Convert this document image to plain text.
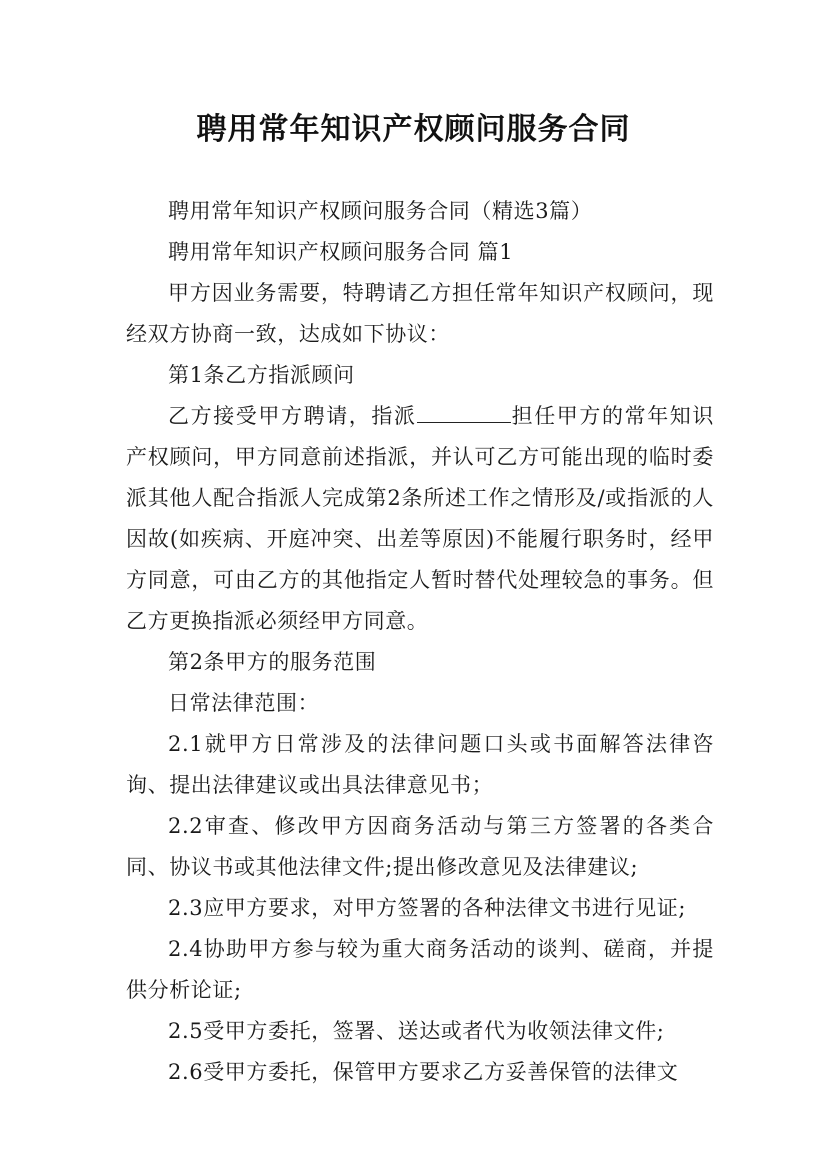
聘用常年知识产权顾问服务合同

聘用常年知识产权顾问服务合同（精选3篇）

聘用常年知识产权顾问服务合同 篇1

甲方因业务需要，特聘请乙方担任常年知识产权顾问，现经双方协商一致，达成如下协议：

第1条乙方指派顾问

乙方接受甲方聘请，指派	担任甲方的常年知识产权顾问，甲方同意前述指派，并认可乙方可能出现的临时委派其他人配合指派人完成第2条所述工作之情形及/或指派的人因故(如疾病、开庭冲突、出差等原因)不能履行职务时，经甲方同意，可由乙方的其他指定人暂时替代处理较急的事务。但乙方更换指派必须经甲方同意。

第2条甲方的服务范围

日常法律范围：

2.1就甲方日常涉及的法律问题口头或书面解答法律咨询、提出法律建议或出具法律意见书；

2.2审查、修改甲方因商务活动与第三方签署的各类合同、协议书或其他法律文件;提出修改意见及法律建议;

2.3应甲方要求，对甲方签署的各种法律文书进行见证;

2.4协助甲方参与较为重大商务活动的谈判、磋商，并提供分析论证;

2.5受甲方委托，签署、送达或者代为收领法律文件;

2.6受甲方委托，保管甲方要求乙方妥善保管的法律文
